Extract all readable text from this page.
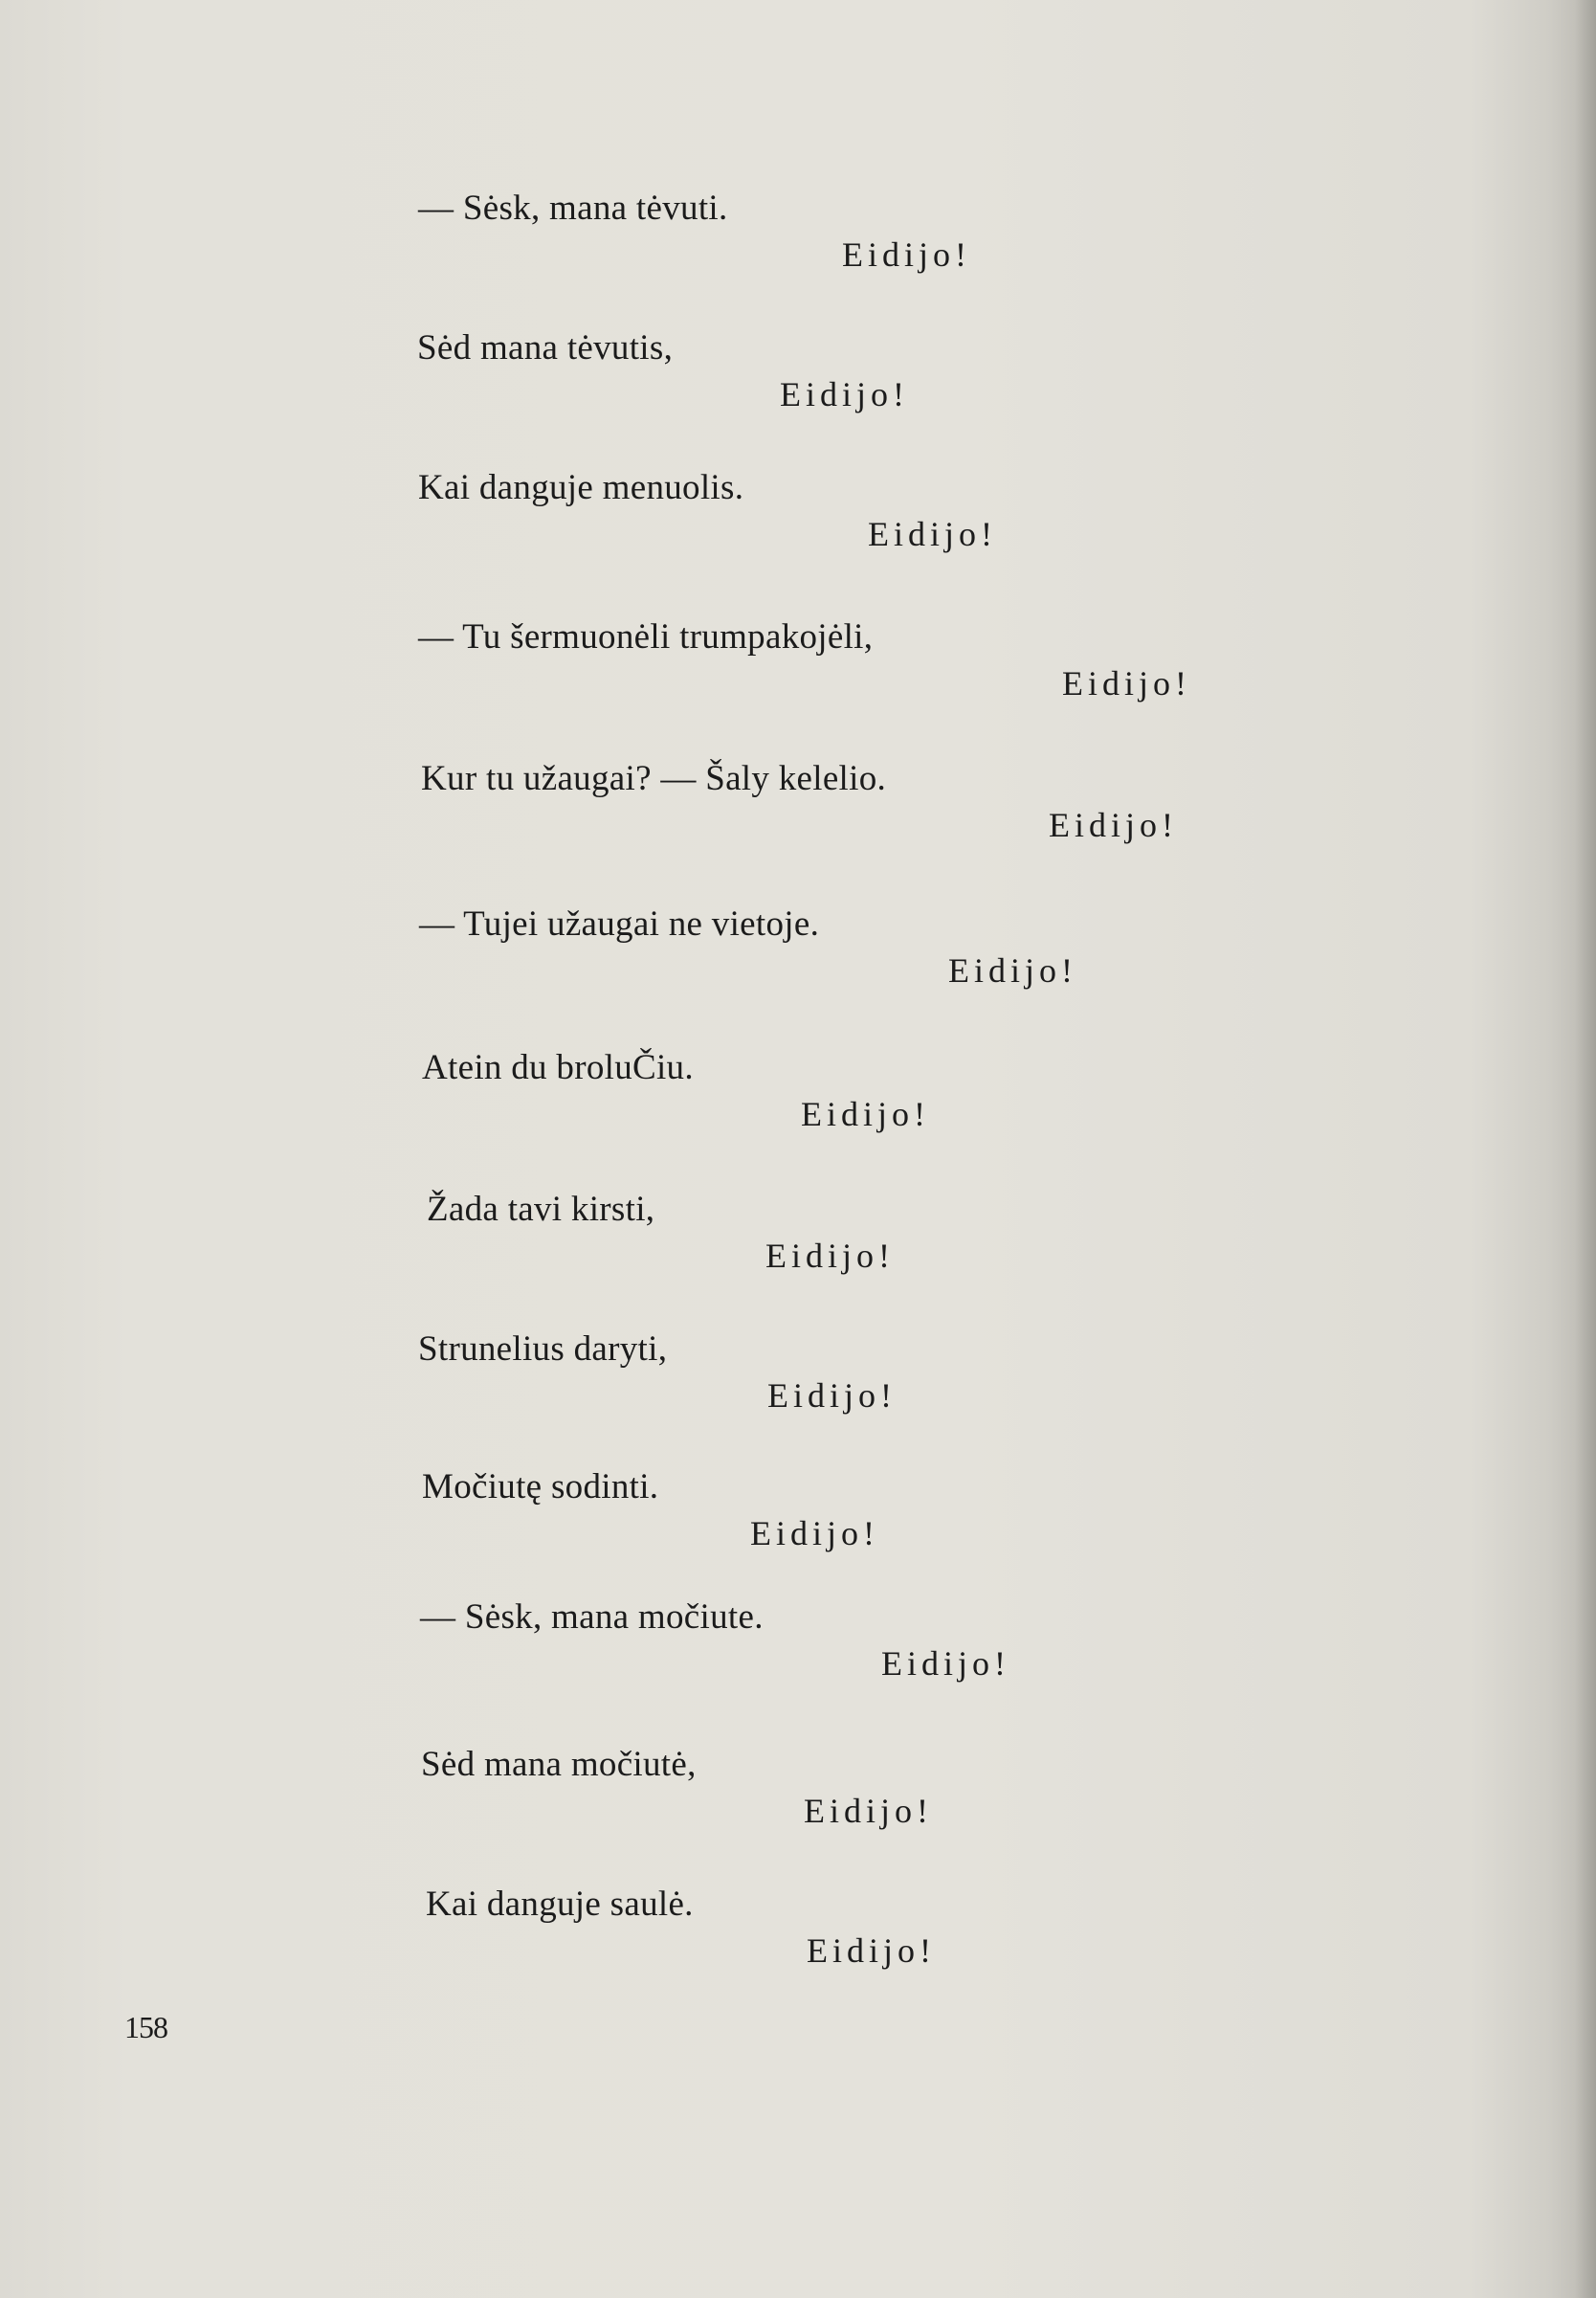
— Sėsk, mana tėvuti.
Eidijo!
Sėd mana tėvutis,
Eidijo!
Kai danguje menuolis.
Eidijo!
— Tu šermuonėli trumpakojėli,
Eidijo!
Kur tu užaugai? — Šaly kelelio.
Eidijo!
— Tujei užaugai ne vietoje.
Eidijo!
Atein du broluČiu.
Eidijo!
Žada tavi kirsti,
Eidijo!
Strunelius daryti,
Eidijo!
Močiutę sodinti.
Eidijo!
— Sėsk, mana močiute.
Eidijo!
Sėd mana močiutė,
Eidijo!
Kai danguje saulė.
Eidijo!
158
